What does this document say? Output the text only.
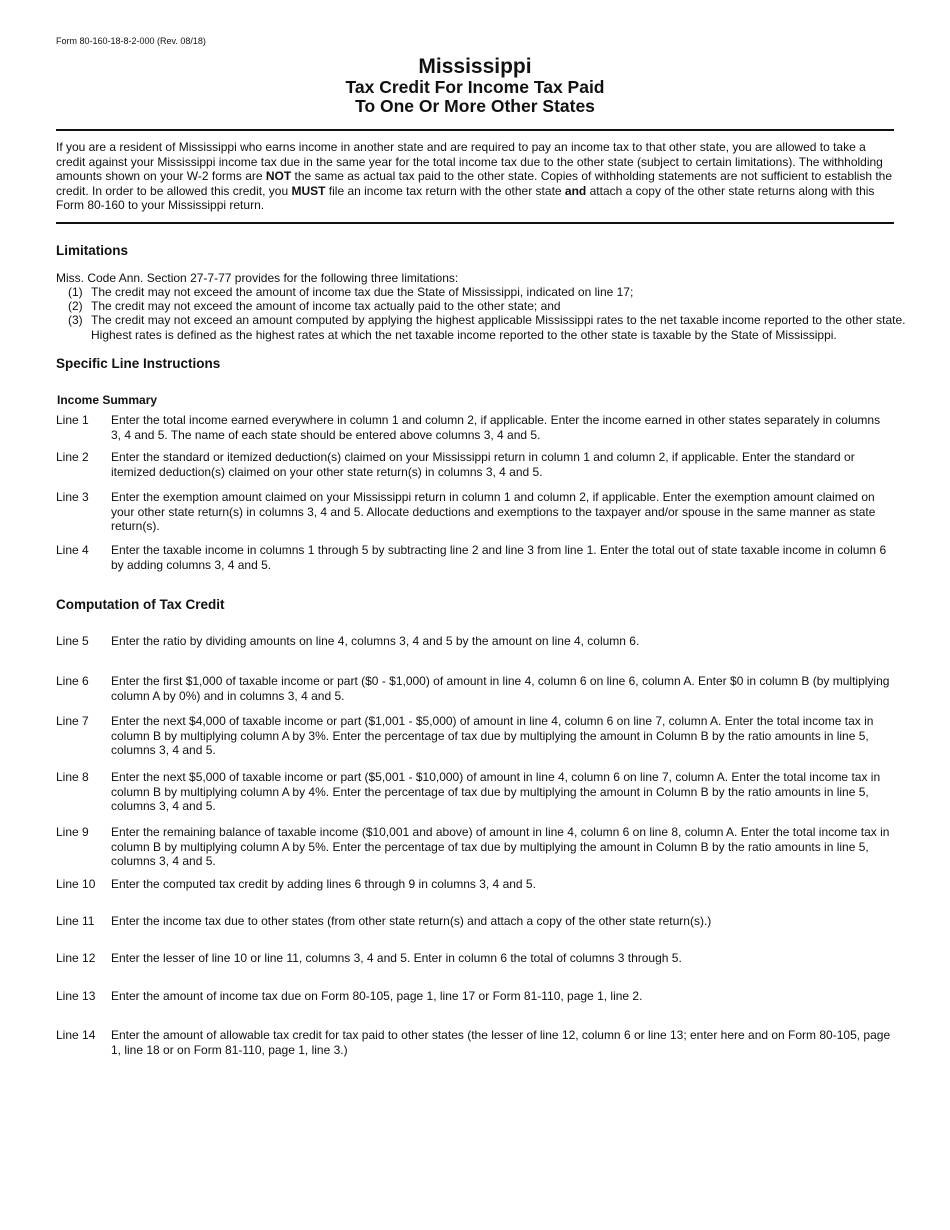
Form 80-160-18-8-2-000 (Rev. 08/18)
Mississippi
Tax Credit For Income Tax Paid
To One Or More Other States
If you are a resident of Mississippi who earns income in another state and are required to pay an income tax to that other state, you are allowed to take a credit against your Mississippi income tax due in the same year for the total income tax due to the other state (subject to certain limitations). The withholding amounts shown on your W-2 forms are NOT the same as actual tax paid to the other state. Copies of withholding statements are not sufficient to establish the credit. In order to be allowed this credit, you MUST file an income tax return with the other state and attach a copy of the other state returns along with this Form 80-160 to your Mississippi return.
Limitations
Miss. Code Ann. Section 27-7-77 provides for the following three limitations:
(1) The credit may not exceed the amount of income tax due the State of Mississippi, indicated on line 17;
(2) The credit may not exceed the amount of income tax actually paid to the other state; and
(3) The credit may not exceed an amount computed by applying the highest applicable Mississippi rates to the net taxable income reported to the other state. Highest rates is defined as the highest rates at which the net taxable income reported to the other state is taxable by the State of Mississippi.
Specific Line Instructions
Income Summary
Line 1	Enter the total income earned everywhere in column 1 and column 2, if applicable. Enter the income earned in other states separately in columns 3, 4 and 5. The name of each state should be entered above columns 3, 4 and 5.
Line 2	Enter the standard or itemized deduction(s) claimed on your Mississippi return in column 1 and column 2, if applicable. Enter the standard or itemized deduction(s) claimed on your other state return(s) in columns 3, 4 and 5.
Line 3	Enter the exemption amount claimed on your Mississippi return in column 1 and column 2, if applicable. Enter the exemption amount claimed on your other state return(s) in columns 3, 4 and 5. Allocate deductions and exemptions to the taxpayer and/or spouse in the same manner as state return(s).
Line 4	Enter the taxable income in columns 1 through 5 by subtracting line 2 and line 3 from line 1. Enter the total out of state taxable income in column 6 by adding columns 3, 4 and 5.
Computation of Tax Credit
Line 5	Enter the ratio by dividing amounts on line 4, columns 3, 4 and 5 by the amount on line 4, column 6.
Line 6	Enter the first $1,000 of taxable income or part ($0 - $1,000) of amount in line 4, column 6 on line 6, column A. Enter $0 in column B (by multiplying column A by 0%) and in columns 3, 4 and 5.
Line 7	Enter the next $4,000 of taxable income or part ($1,001 - $5,000) of amount in line 4, column 6 on line 7, column A. Enter the total income tax in column B by multiplying column A by 3%. Enter the percentage of tax due by multiplying the amount in Column B by the ratio amounts in line 5, columns 3, 4 and 5.
Line 8	Enter the next $5,000 of taxable income or part ($5,001 - $10,000) of amount in line 4, column 6 on line 7, column A. Enter the total income tax in column B by multiplying column A by 4%. Enter the percentage of tax due by multiplying the amount in Column B by the ratio amounts in line 5, columns 3, 4 and 5.
Line 9	Enter the remaining balance of taxable income ($10,001 and above) of amount in line 4, column 6 on line 8, column A. Enter the total income tax in column B by multiplying column A by 5%. Enter the percentage of tax due by multiplying the amount in Column B by the ratio amounts in line 5, columns 3, 4 and 5.
Line 10	Enter the computed tax credit by adding lines 6 through 9 in columns 3, 4 and 5.
Line 11	Enter the income tax due to other states (from other state return(s) and attach a copy of the other state return(s).)
Line 12	Enter the lesser of line 10 or line 11, columns 3, 4 and 5. Enter in column 6 the total of columns 3 through 5.
Line 13	Enter the amount of income tax due on Form 80-105, page 1, line 17 or Form 81-110, page 1, line 2.
Line 14	Enter the amount of allowable tax credit for tax paid to other states (the lesser of line 12, column 6 or line 13; enter here and on Form 80-105, page 1, line 18 or on Form 81-110, page 1, line 3.)
